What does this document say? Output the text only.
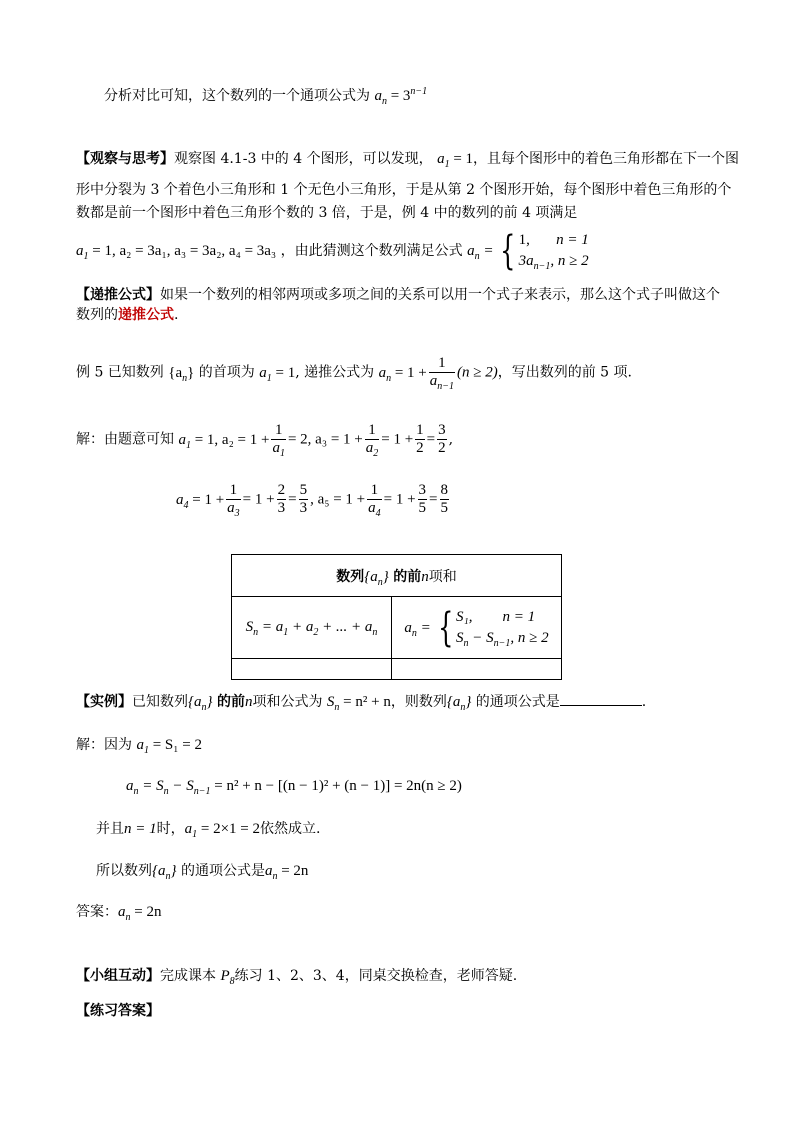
分析对比可知，这个数列的一个通项公式为 $a_n = 3^{n-1}$
【观察与思考】观察图 4.1-3 中的 4 个图形，可以发现， $a_1 = 1$，且每个图形中的着色三角形都在下一个图
形中分裂为 3 个着色小三角形和 1 个无色小三角形，于是从第 2 个图形开始，每个图形中着色三角形的个
数都是前一个图形中着色三角形个数的 3 倍，于是，例 4 中的数列的前 4 项满足
$a_1 = 1$, a₂ = 3a₁, a₃ = 3a₂, a₄ = 3a₃ ，由此猜测这个数列满足公式 $a_n$ = { 1, n = 1
$3a_{n-1}$, n ≥ 2
【递推公式】如果一个数列的相邻两项或多项之间的关系可以用一个式子来表示，那么这个式子叫做这个
数列的递推公式.
例 5 已知数列 $\{a_n\}$ 的首项为 $a_1 = 1$, 递推公式为 $a_n = 1 + \frac{1}{a_{n-1}} (n \ge 2)$，写出数列的前 5 项.
解：由题意可知 $a_1 = 1$, $a_2 = 1 + \frac{1}{a_1} = 2$, $a_3 = 1 + \frac{1}{a_2} = 1 + \frac{1}{2} = \frac{3}{2}$ ,
$a_4 = 1 + \frac{1}{a_3} = 1 + \frac{2}{3} = \frac{5}{3}$ , $a_5 = 1 + \frac{1}{a_4} = 1 + \frac{3}{5} = \frac{8}{5}$
数列$\{a_n\}$ 的前n项和	
$S_n = a_1 + a_2$ + ... + $a_n$	$a_n$ = { S₁, n = 1
$S_n - S_{n-1}$, n ≥ 2

【实例】已知数列$\{a_n\}$ 的前n项和公式为 $S_n = n^2 + n$，则数列$\{a_n\}$ 的通项公式是	.
解：因为 $a_1 = S_1 = 2$
$a_n = S_n - S_{n-1} = n^2 + n - [(n - 1)^2 + (n - 1)] = 2n(n \ge 2)$
并且n = 1时，$a_1 = 2\times 1 = 2$依然成立.
所以数列$\{a_n\}$ 的通项公式是$a_n = 2n$
答案：$a_n = 2n$
【小组互动】完成课本 $P_8$练习 1、2、3、4，同桌交换检查，老师答疑.
【练习答案】
